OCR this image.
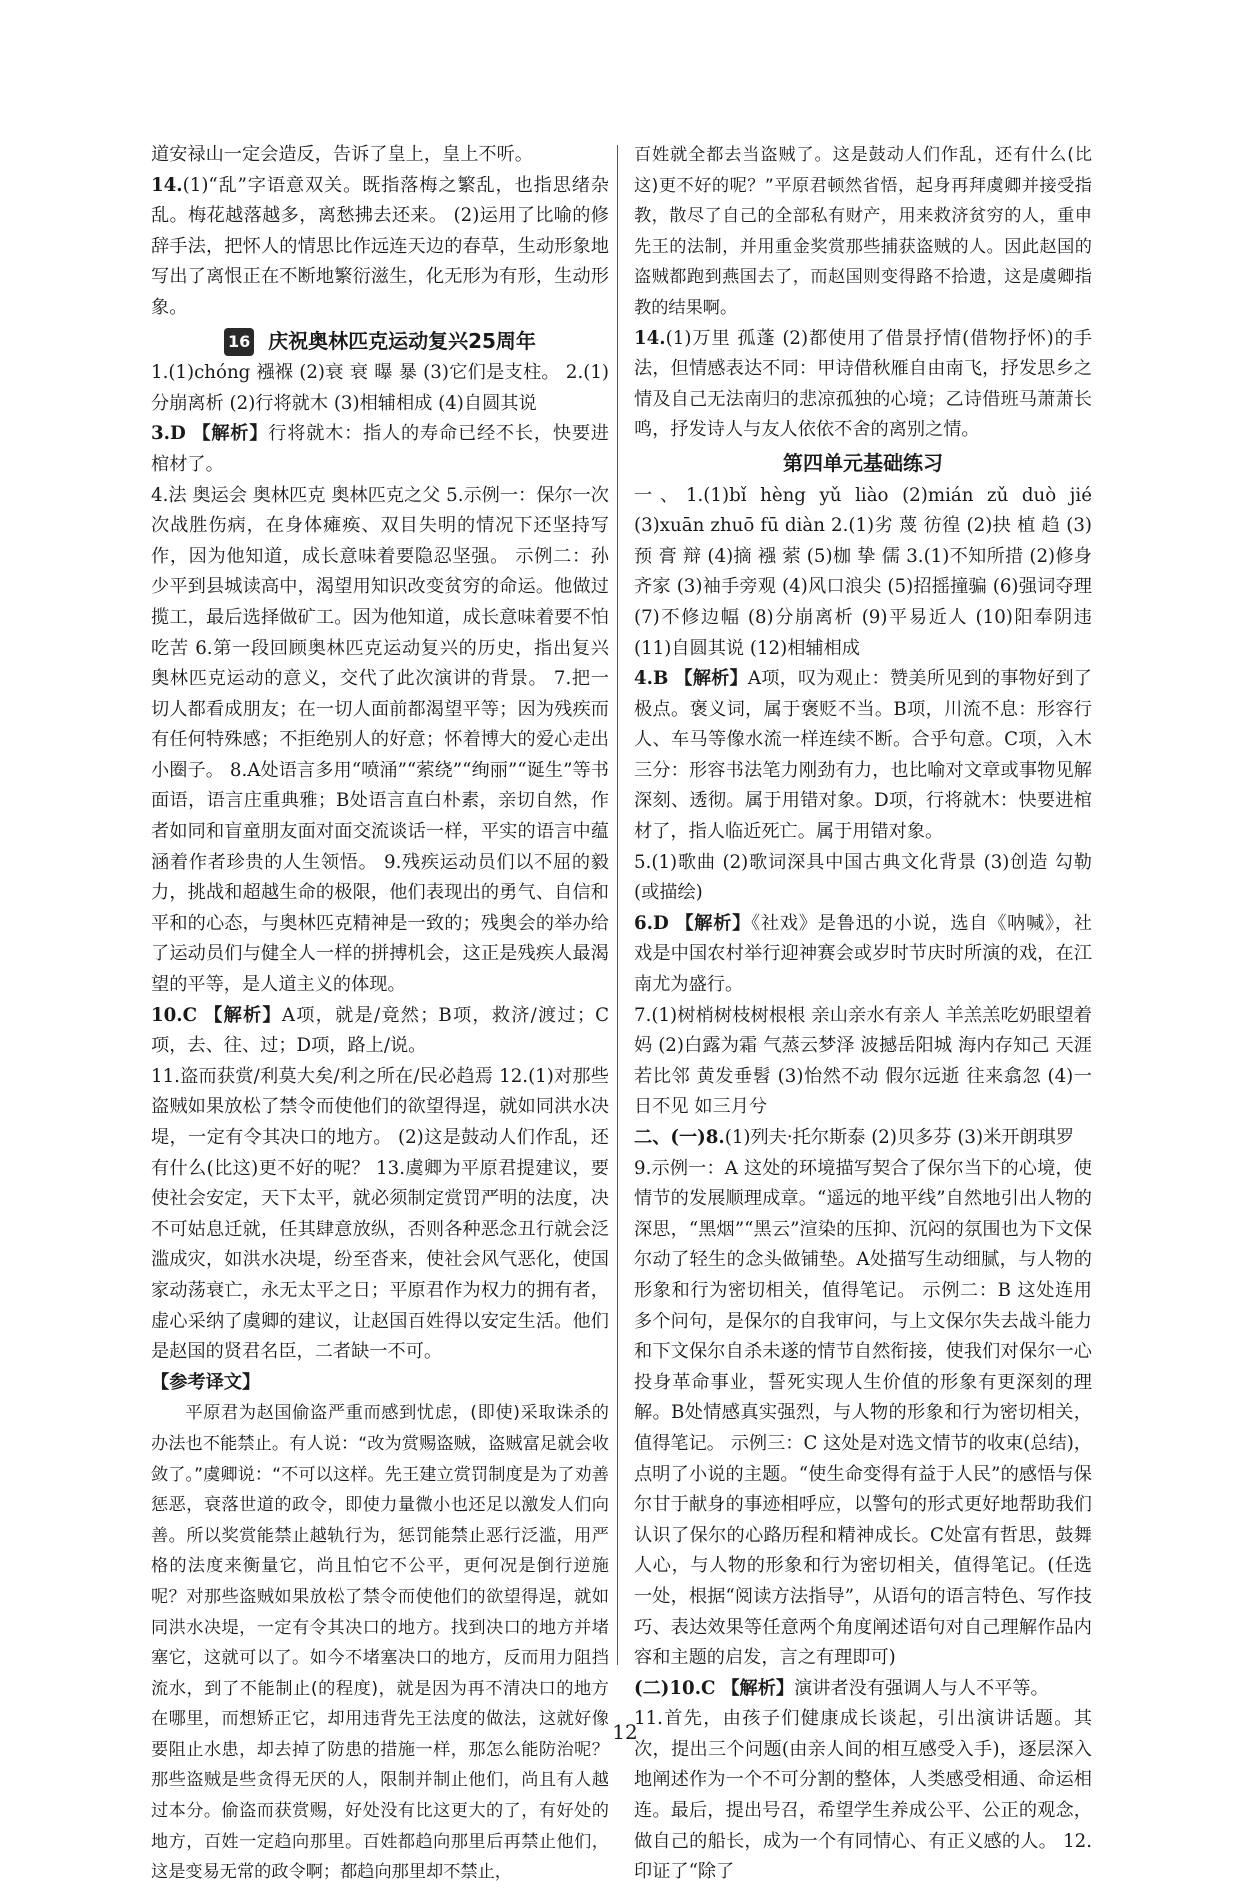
道安禄山一定会造反，告诉了皇上，皇上不听。

14.(1)“乱”字语意双关。既指落梅之繁乱，也指思绪杂乱。梅花越落越多，离愁拂去还来。 (2)运用了比喻的修辞手法，把怀人的情思比作远连天边的春草，生动形象地写出了离恨正在不断地繁衍滋生，化无形为有形，生动形象。

16 庆祝奥林匹克运动复兴25周年

1.(1)chóng 襁褓 (2)衰 衰 曝 暴 (3)它们是支柱。 2.(1)分崩离析 (2)行将就木 (3)相辅相成 (4)自圆其说

3.D 【解析】行将就木：指人的寿命已经不长，快要进棺材了。

4.法 奥运会 奥林匹克 奥林匹克之父 5.示例一：保尔一次次战胜伤病，在身体瘫痪、双目失明的情况下还坚持写作，因为他知道，成长意味着要隐忍坚强。 示例二：孙少平到县城读高中，渴望用知识改变贫穷的命运。他做过揽工，最后选择做矿工。因为他知道，成长意味着要不怕吃苦 6.第一段回顾奥林匹克运动复兴的历史，指出复兴奥林匹克运动的意义，交代了此次演讲的背景。 7.把一切人都看成朋友；在一切人面前都渴望平等；因为残疾而有任何特殊感；不拒绝别人的好意；怀着博大的爱心走出小圈子。 8.A处语言多用“喷涌”“萦绕”“绚丽”“诞生”等书面语，语言庄重典雅；B处语言直白朴素，亲切自然，作者如同和盲童朋友面对面交流谈话一样，平实的语言中蕴涵着作者珍贵的人生领悟。 9.残疾运动员们以不屈的毅力，挑战和超越生命的极限，他们表现出的勇气、自信和平和的心态，与奥林匹克精神是一致的；残奥会的举办给了运动员们与健全人一样的拼搏机会，这正是残疾人最渴望的平等，是人道主义的体现。

10.C 【解析】A项，就是/竟然；B项，救济/渡过；C项，去、往、过；D项，路上/说。

11.盗而获赏/利莫大矣/利之所在/民必趋焉 12.(1)对那些盗贼如果放松了禁令而使他们的欲望得逞，就如同洪水决堤，一定有令其决口的地方。 (2)这是鼓动人们作乱，还有什么(比这)更不好的呢？ 13.虞卿为平原君提建议，要使社会安定，天下太平，就必须制定赏罚严明的法度，决不可姑息迁就，任其肆意放纵，否则各种恶念丑行就会泛滥成灾，如洪水决堤，纷至沓来，使社会风气恶化，使国家动荡衰亡，永无太平之日；平原君作为权力的拥有者，虚心采纳了虞卿的建议，让赵国百姓得以安定生活。他们是赵国的贤君名臣，二者缺一不可。

【参考译文】

平原君为赵国偷盗严重而感到忧虑，(即使)采取诛杀的办法也不能禁止。有人说：“改为赏赐盗贼，盗贼富足就会收敛了。”虞卿说：“不可以这样。先王建立赏罚制度是为了劝善惩恶，衰落世道的政令，即使力量微小也还足以激发人们向善。所以奖赏能禁止越轨行为，惩罚能禁止恶行泛滥，用严格的法度来衡量它，尚且怕它不公平，更何况是倒行逆施呢？对那些盗贼如果放松了禁令而使他们的欲望得逞，就如同洪水决堤，一定有令其决口的地方。找到决口的地方并堵塞它，这就可以了。如今不堵塞决口的地方，反而用力阻挡流水，到了不能制止(的程度)，就是因为再不清决口的地方在哪里，而想矫正它，却用违背先王法度的做法，这就好像要阻止水患，却去掉了防患的措施一样，那怎么能防治呢？那些盗贼是些贪得无厌的人，限制并制止他们，尚且有人越过本分。偷盗而获赏赐，好处没有比这更大的了，有好处的地方，百姓一定趋向那里。百姓都趋向那里后再禁止他们，这是变易无常的政令啊；都趋向那里却不禁止，

百姓就全都去当盗贼了。这是鼓动人们作乱，还有什么(比这)更不好的呢？”平原君顿然省悟，起身再拜虞卿并接受指教，散尽了自己的全部私有财产，用来救济贫穷的人，重申先王的法制，并用重金奖赏那些捕获盗贼的人。因此赵国的盗贼都跑到燕国去了，而赵国则变得路不拾遗，这是虞卿指教的结果啊。

14.(1)万里 孤蓬 (2)都使用了借景抒情(借物抒怀)的手法，但情感表达不同：甲诗借秋雁自由南飞，抒发思乡之情及自己无法南归的悲凉孤独的心境；乙诗借班马萧萧长鸣，抒发诗人与友人依依不舍的离别之情。

第四单元基础练习

一、1.(1)bǐ hèng yǔ liào (2)mián zǔ duò jié (3)xuān zhuō fū diàn 2.(1)劣 蔑 彷徨 (2)抉 植 趋 (3)预 膏 辩 (4)摘 襁 萦 (5)枷 挚 儒 3.(1)不知所措 (2)修身齐家 (3)袖手旁观 (4)风口浪尖 (5)招摇撞骗 (6)强词夺理 (7)不修边幅 (8)分崩离析 (9)平易近人 (10)阳奉阴违 (11)自圆其说 (12)相辅相成

4.B 【解析】A项，叹为观止：赞美所见到的事物好到了极点。褒义词，属于褒贬不当。B项，川流不息：形容行人、车马等像水流一样连续不断。合乎句意。C项，入木三分：形容书法笔力刚劲有力，也比喻对文章或事物见解深刻、透彻。属于用错对象。D项，行将就木：快要进棺材了，指人临近死亡。属于用错对象。

5.(1)歌曲 (2)歌词深具中国古典文化背景 (3)创造 勾勒(或描绘)

6.D 【解析】《社戏》是鲁迅的小说，选自《呐喊》，社戏是中国农村举行迎神赛会或岁时节庆时所演的戏，在江南尤为盛行。

7.(1)树梢树枝树根根 亲山亲水有亲人 羊羔羔吃奶眼望着妈 (2)白露为霜 气蒸云梦泽 波撼岳阳城 海内存知己 天涯若比邻 黄发垂髫 (3)怡然不动 假尔远逝 往来翕忽 (4)一日不见 如三月兮

二、(一)8.(1)列夫·托尔斯泰 (2)贝多芬 (3)米开朗琪罗

9.示例一：A 这处的环境描写契合了保尔当下的心境，使情节的发展顺理成章。“遥远的地平线”自然地引出人物的深思，“黑烟”“黑云”渲染的压抑、沉闷的氛围也为下文保尔动了轻生的念头做铺垫。A处描写生动细腻，与人物的形象和行为密切相关，值得笔记。 示例二：B 这处连用多个问句，是保尔的自我审问，与上文保尔失去战斗能力和下文保尔自杀未遂的情节自然衔接，使我们对保尔一心投身革命事业，誓死实现人生价值的形象有更深刻的理解。B处情感真实强烈，与人物的形象和行为密切相关，值得笔记。 示例三：C 这处是对选文情节的收束(总结)，点明了小说的主题。“使生命变得有益于人民”的感悟与保尔甘于献身的事迹相呼应，以警句的形式更好地帮助我们认识了保尔的心路历程和精神成长。C处富有哲思，鼓舞人心，与人物的形象和行为密切相关，值得笔记。(任选一处，根据“阅读方法指导”，从语句的语言特色、写作技巧、表达效果等任意两个角度阐述语句对自己理解作品内容和主题的启发，言之有理即可)

(二)10.C 【解析】演讲者没有强调人与人不平等。

11.首先，由孩子们健康成长谈起，引出演讲话题。其次，提出三个问题(由亲人间的相互感受入手)，逐层深入地阐述作为一个不可分割的整体，人类感受相通、命运相连。最后，提出号召，希望学生养成公平、公正的观念，做自己的船长，成为一个有同情心、有正义感的人。 12.印证了“除了

12
